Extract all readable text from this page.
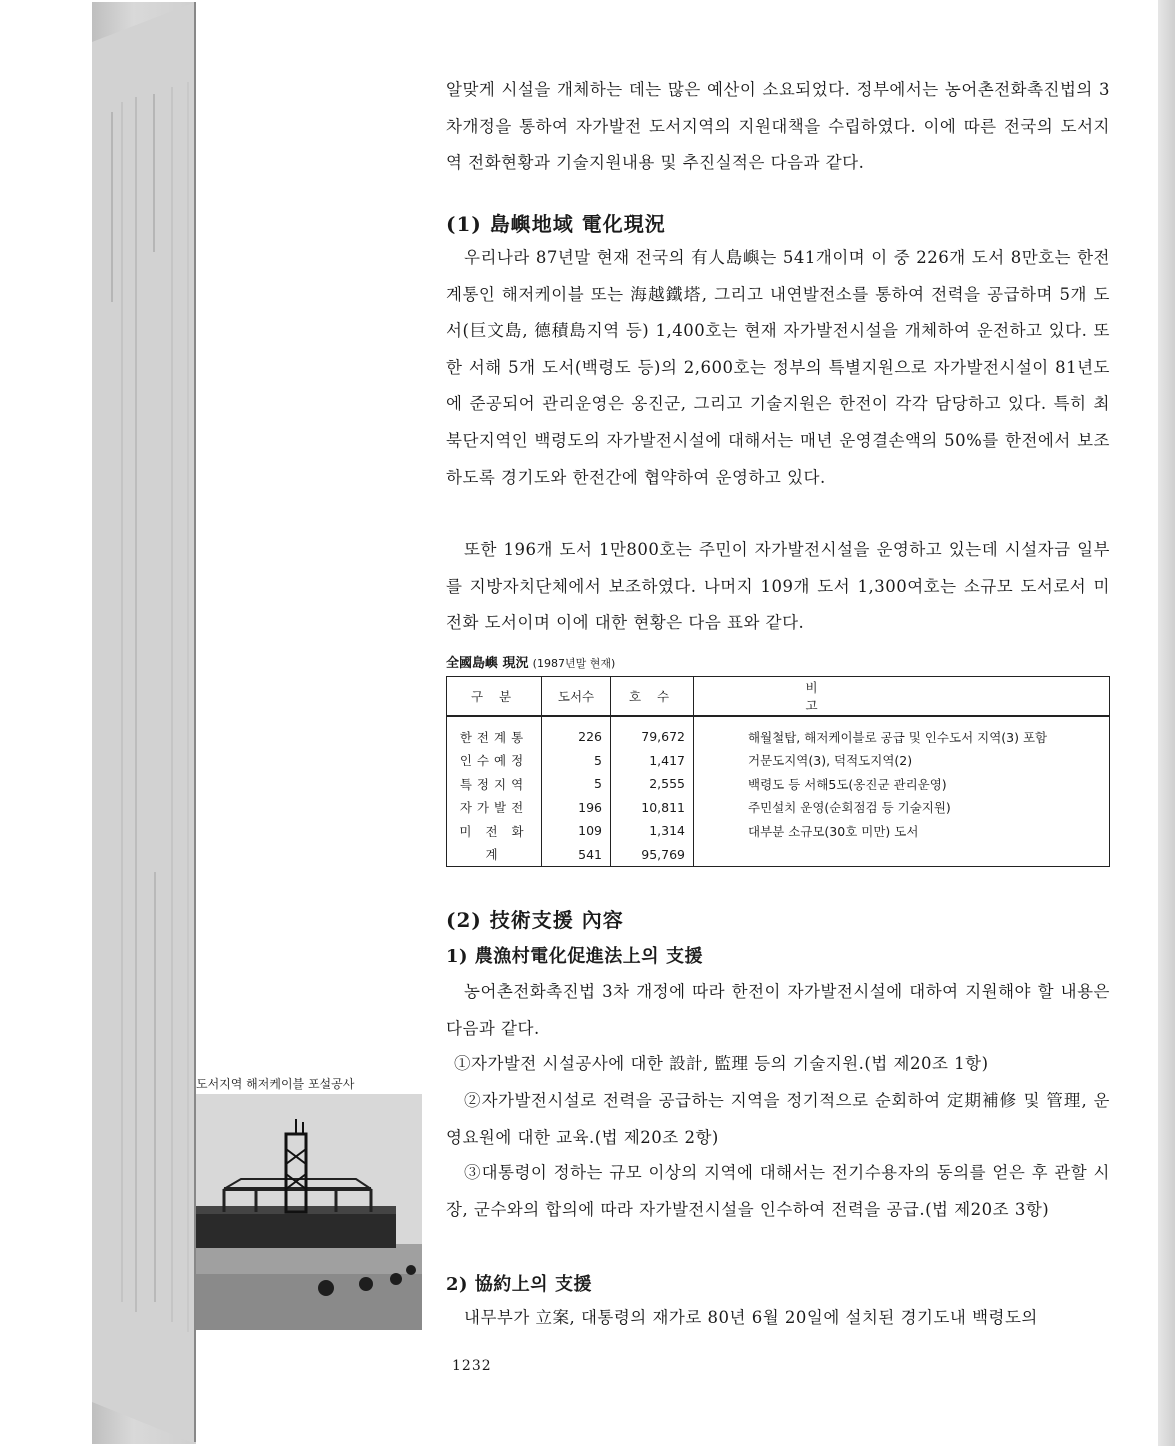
알맞게 시설을 개체하는 데는 많은 예산이 소요되었다. 정부에서는 농어촌전화촉진법의 3차개정을 통하여 자가발전 도서지역의 지원대책을 수립하였다. 이에 따른 전국의 도서지역 전화현황과 기술지원내용 및 추진실적은 다음과 같다.

(1) 島嶼地域 電化現況

우리나라 87년말 현재 전국의 有人島嶼는 541개이며 이 중 226개 도서 8만호는 한전계통인 해저케이블 또는 海越鐵塔, 그리고 내연발전소를 통하여 전력을 공급하며 5개 도서(巨文島, 德積島지역 등) 1,400호는 현재 자가발전시설을 개체하여 운전하고 있다. 또한 서해 5개 도서(백령도 등)의 2,600호는 정부의 특별지원으로 자가발전시설이 81년도에 준공되어 관리운영은 옹진군, 그리고 기술지원은 한전이 각각 담당하고 있다. 특히 최북단지역인 백령도의 자가발전시설에 대해서는 매년 운영결손액의 50%를 한전에서 보조하도록 경기도와 한전간에 협약하여 운영하고 있다.

또한 196개 도서 1만800호는 주민이 자가발전시설을 운영하고 있는데 시설자금 일부를 지방자치단체에서 보조하였다. 나머지 109개 도서 1,300여호는 소규모 도서로서 미전화 도서이며 이에 대한 현황은 다음 표와 같다.

全國島嶼 現況 (1987년말 현재)
구 분	도서수	호 수	비 고
한전계통	226	79,672	해월철탑, 해저케이블로 공급 및 인수도서 지역(3) 포함
인수예정	5	1,417	거문도지역(3), 덕적도지역(2)
특정지역	5	2,555	백령도 등 서해5도(옹진군 관리운영)
자가발전	196	10,811	주민설치 운영(순회점검 등 기술지원)
미 전 화	109	1,314	대부분 소규모(30호 미만) 도서
계	541	95,769	
(2) 技術支援 內容
1) 農漁村電化促進法上의 支援

농어촌전화촉진법 3차 개정에 따라 한전이 자가발전시설에 대하여 지원해야 할 내용은 다음과 같다.

①자가발전 시설공사에 대한 設計, 監理 등의 기술지원.(법 제20조 1항)

②자가발전시설로 전력을 공급하는 지역을 정기적으로 순회하여 定期補修 및 管理, 운영요원에 대한 교육.(법 제20조 2항)

③대통령이 정하는 규모 이상의 지역에 대해서는 전기수용자의 동의를 얻은 후 관할 시장, 군수와의 합의에 따라 자가발전시설을 인수하여 전력을 공급.(법 제20조 3항)

2) 協約上의 支援

내무부가 立案, 대통령의 재가로 80년 6월 20일에 설치된 경기도내 백령도의

도서지역 해저케이블 포설공사
1232
